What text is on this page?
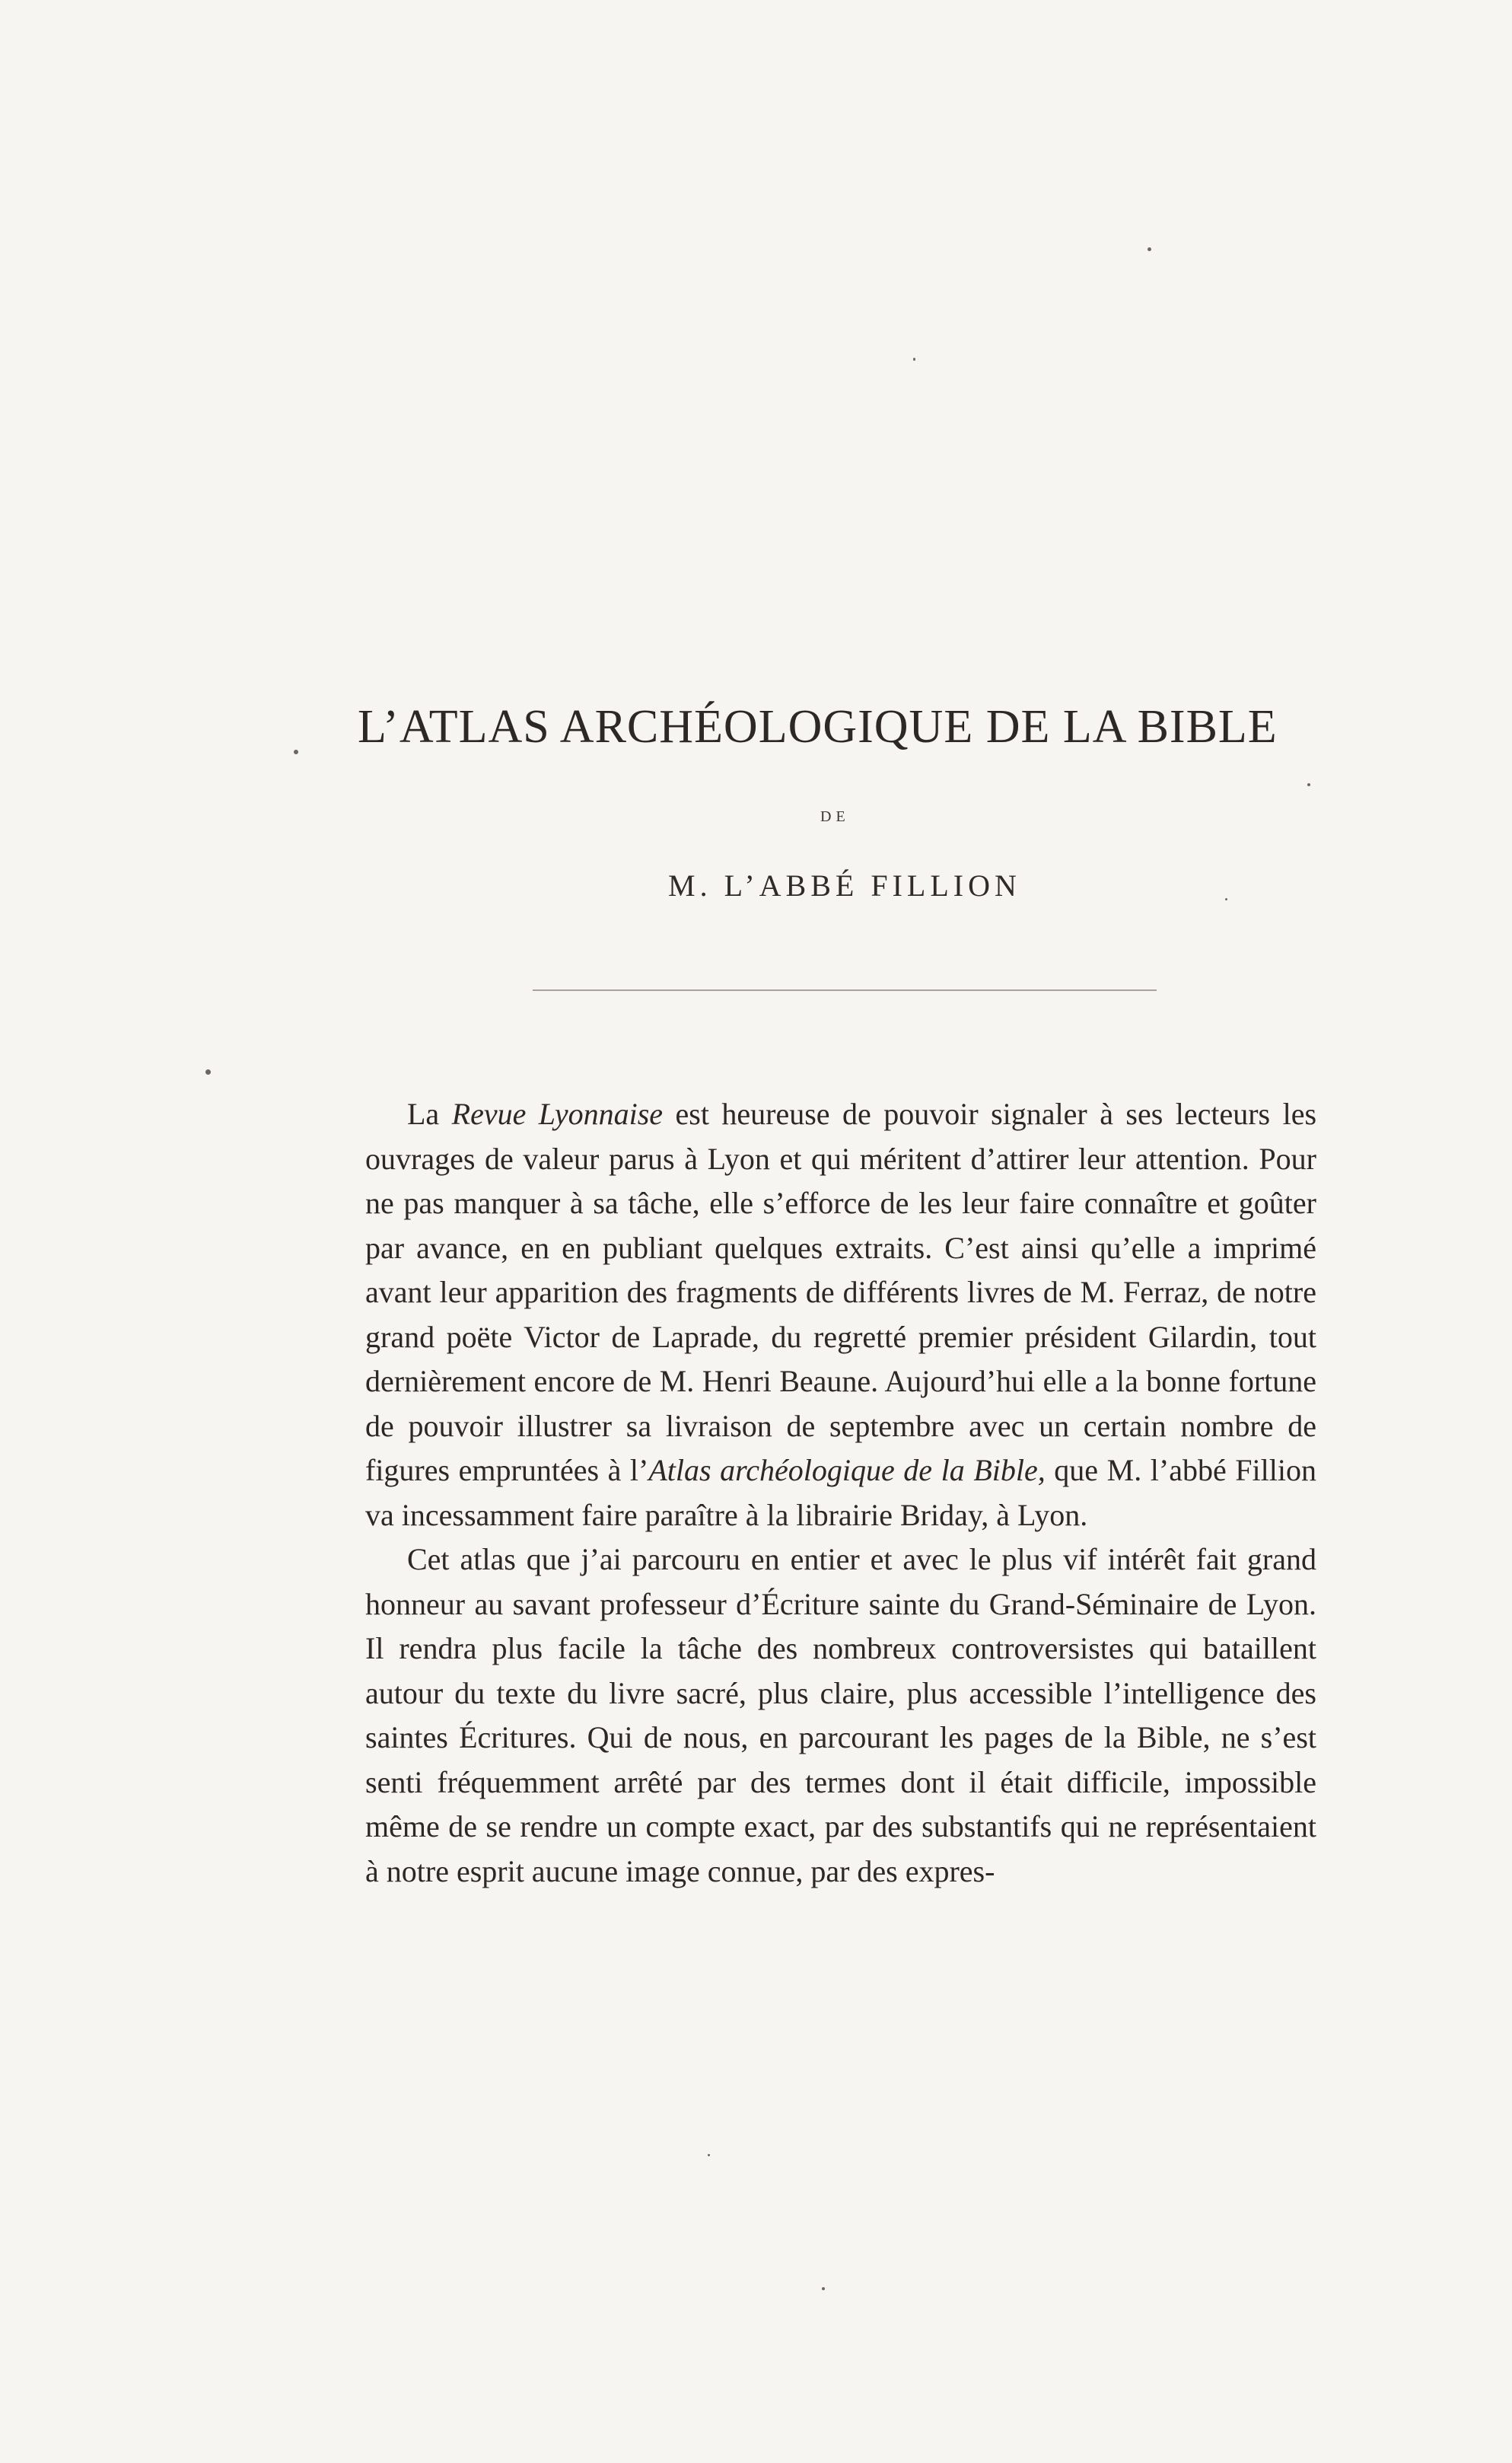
L’ATLAS ARCHÉOLOGIQUE DE LA BIBLE
DE
M. L’ABBÉ FILLION

La Revue Lyonnaise est heureuse de pouvoir signaler à ses lecteurs les ouvrages de valeur parus à Lyon et qui méritent d’attirer leur attention. Pour ne pas manquer à sa tâche, elle s’efforce de les leur faire connaître et goûter par avance, en en publiant quelques extraits. C’est ainsi qu’elle a imprimé avant leur apparition des fragments de différents livres de M. Ferraz, de notre grand poëte Victor de Laprade, du regretté premier président Gilardin, tout dernièrement encore de M. Henri Beaune. Aujourd’hui elle a la bonne fortune de pouvoir illustrer sa livraison de septembre avec un certain nombre de figures empruntées à l’Atlas archéologique de la Bible, que M. l’abbé Fillion va incessamment faire paraître à la librairie Briday, à Lyon.

Cet atlas que j’ai parcouru en entier et avec le plus vif intérêt fait grand honneur au savant professeur d’Écriture sainte du Grand-Séminaire de Lyon. Il rendra plus facile la tâche des nombreux controversistes qui bataillent autour du texte du livre sacré, plus claire, plus accessible l’intelligence des saintes Écritures. Qui de nous, en parcourant les pages de la Bible, ne s’est senti fréquemment arrêté par des termes dont il était difficile, impossible même de se rendre un compte exact, par des substantifs qui ne représentaient à notre esprit aucune image connue, par des expres-
